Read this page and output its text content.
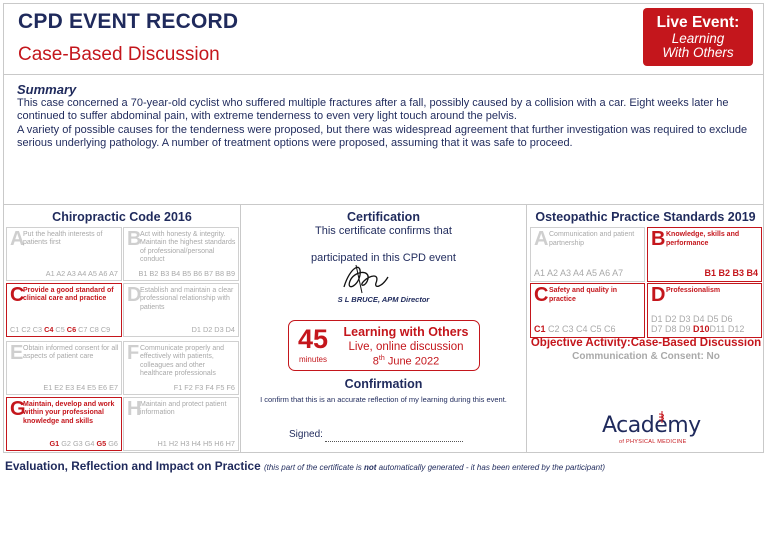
CPD EVENT RECORD
Case-Based Discussion
Live Event:
Learning
With Others
Summary

This case concerned a 70-year-old cyclist who suffered multiple fractures after a fall, possibly caused by a collision with a car. Eight weeks later he continued to suffer abdominal pain, with extreme tenderness to even very light touch around the pelvis.

A variety of possible causes for the tenderness were proposed, but there was widespread agreement that further investigation was required to exclude serious underlying pathology. A number of treatment options were proposed, assuming that it was safe to proceed.

Chiropractic Code 2016
A
Put the health interests of patients first
A1 A2 A3 A4 A5 A6 A7
B
Act with honesty & integrity. Maintain the highest standards of professional/personal conduct
B1 B2 B3 B4 B5 B6 B7 B8 B9
C
Provide a good standard of clinical care and practice
C1 C2 C3 C4 C5 C6 C7 C8 C9
D
Establish and maintain a clear professional relationship with patients
D1 D2 D3 D4
E Obtain informed consent for all aspects of patient care
E1 E2 E3 E4 E5 E6 E7
F Communicate properly and effectively with patients, colleagues and other healthcare professionals
F1 F2 F3 F4 F5 F6
G
Maintain, develop and work within your professional knowledge and skills
G1 G2 G3 G4 G5 G6
H
Maintain and protect patient information
H1 H2 H3 H4 H5 H6 H7
Certification
This certificate confirms that
participated in this CPD event
S L BRUCE, APM Director
45
minutes
Learning with Others
Live, online discussion
8th June 2022
Confirmation
I confirm that this is an accurate reflection of my learning during this event.
Signed:
Osteopathic Practice Standards 2019
A Communication and patient partnership
A1 A2 A3 A4 A5 A6 A7
B Knowledge, skills and performance
B1 B2 B3 B4
C Safety and quality in practice
C1 C2 C3 C4 C5 C6
D Professionalism
D1 D2 D3 D4 D5 D6
D7 D8 D9 D10D11 D12
Objective Activity:Case-Based Discussion
Communication & Consent: No
Academy
of PHYSICAL MEDICINE
Evaluation, Reflection and Impact on Practice (this part of the certificate is not automatically generated - it has been entered by the participant)
